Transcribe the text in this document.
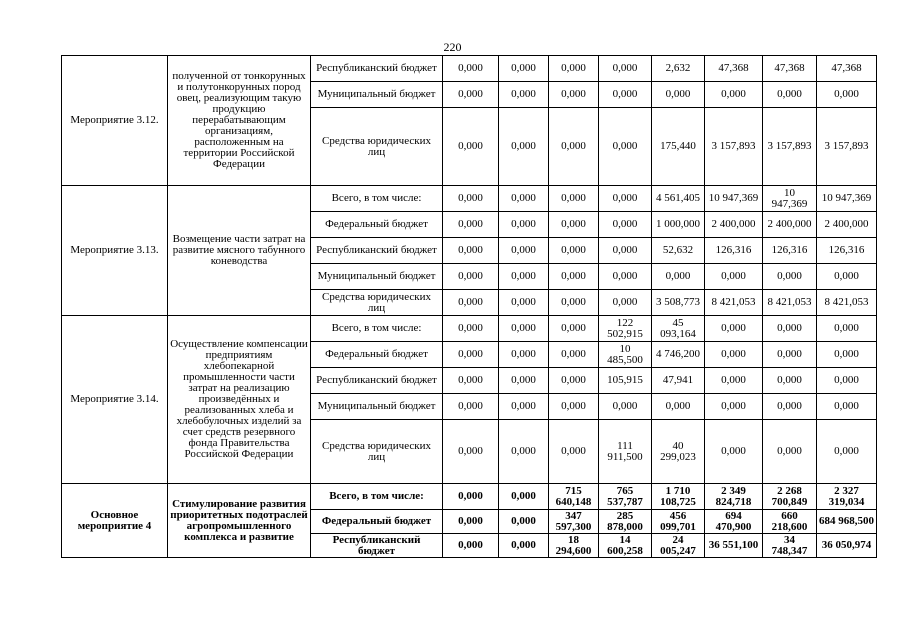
220
Мероприятие 3.12.	полученной от тонкорунных и полутонкорунных пород овец, реализующим такую продукцию перерабатывающим организациям, расположенным на территории Российской Федерации	Республиканский бюджет	0,000	0,000	0,000	0,000	2,632	47,368	47,368	47,368
		Муниципальный бюджет	0,000	0,000	0,000	0,000	0,000	0,000	0,000	0,000
		Средства юридических лиц	0,000	0,000	0,000	0,000	175,440	3 157,893	3 157,893	3 157,893
Мероприятие 3.13.	Возмещение части затрат на развитие мясного табунного коневодства	Всего, в том числе:	0,000	0,000	0,000	0,000	4 561,405	10 947,369	10 947,369	10 947,369
		Федеральный бюджет	0,000	0,000	0,000	0,000	1 000,000	2 400,000	2 400,000	2 400,000
		Республиканский бюджет	0,000	0,000	0,000	0,000	52,632	126,316	126,316	126,316
		Муниципальный бюджет	0,000	0,000	0,000	0,000	0,000	0,000	0,000	0,000
		Средства юридических лиц	0,000	0,000	0,000	0,000	3 508,773	8 421,053	8 421,053	8 421,053
Мероприятие 3.14.	Осуществление компенсации предприятиям хлебопекарной промышленности части затрат на реализацию произведённых и реализованных хлеба и хлебобулочных изделий за счет средств резервного фонда Правительства Российской Федерации	Всего, в том числе:	0,000	0,000	0,000	122 502,915	45 093,164	0,000	0,000	0,000
		Федеральный бюджет	0,000	0,000	0,000	10 485,500	4 746,200	0,000	0,000	0,000
		Республиканский бюджет	0,000	0,000	0,000	105,915	47,941	0,000	0,000	0,000
		Муниципальный бюджет	0,000	0,000	0,000	0,000	0,000	0,000	0,000	0,000
		Средства юридических лиц	0,000	0,000	0,000	111 911,500	40 299,023	0,000	0,000	0,000
Основное мероприятие 4	Стимулирование развития приоритетных подотраслей агропромышленного комплекса и развитие	Всего, в том числе:	0,000	0,000	715 640,148	765 537,787	1 710 108,725	2 349 824,718	2 268 700,849	2 327 319,034
		Федеральный бюджет	0,000	0,000	347 597,300	285 878,000	456 099,701	694 470,900	660 218,600	684 968,500
		Республиканский бюджет	0,000	0,000	18 294,600	14 600,258	24 005,247	36 551,100	34 748,347	36 050,974
